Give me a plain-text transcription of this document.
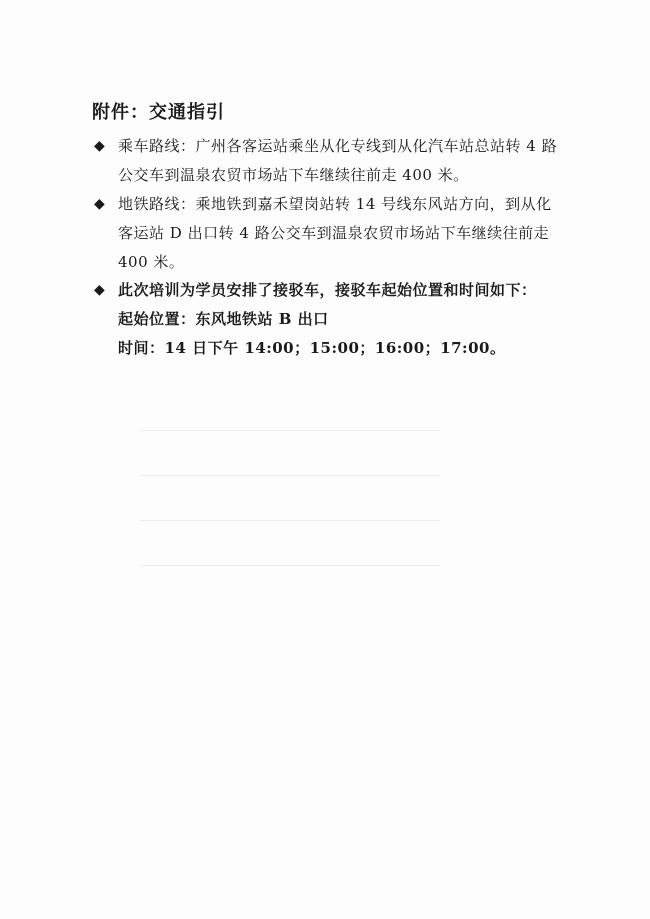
附件：交通指引
◆ 乘车路线：广州各客运站乘坐从化专线到从化汽车站总站转 4 路公交车到温泉农贸市场站下车继续往前走 400 米。
◆ 地铁路线：乘地铁到嘉禾望岗站转 14 号线东风站方向，到从化客运站 D 出口转 4 路公交车到温泉农贸市场站下车继续往前走 400 米。
◆ 此次培训为学员安排了接驳车，接驳车起始位置和时间如下：
起始位置：东风地铁站 B 出口
时间：14 日下午 14:00；15:00；16:00；17:00。
